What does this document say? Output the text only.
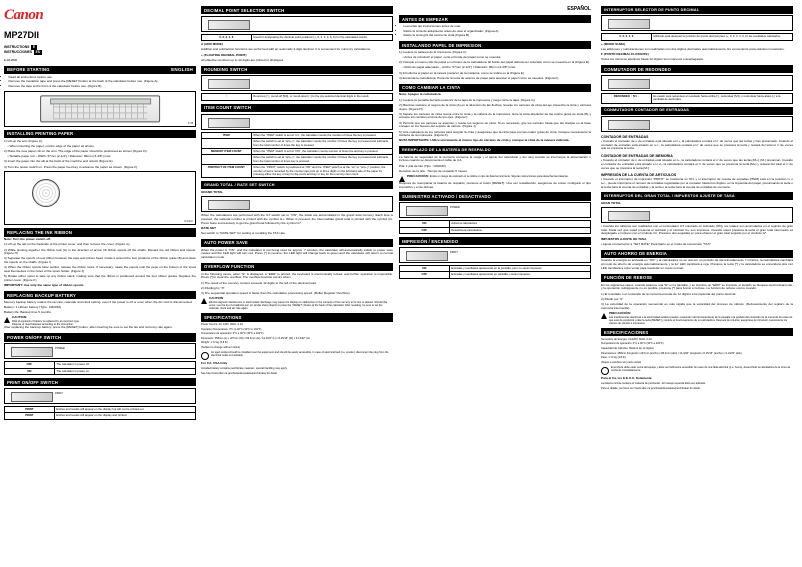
Canon
MP27DII
INSTRUCTIONS E
INSTRUCCIONES ES
E-IM-2830
BEFORE STARTING	ENGLISH
• Read all instructions before use.
• Remove the insulation tape and press the [RESET] button at the back of the calculator before use. (Figure A)
• Remove the tape at the front of the calculator before use. (Figure B)
A / B
INSTALLING PRINTING PAPER

1) Lift up the arm (Figure C).

• When inserting the paper, cut the edge of the paper as shown.

2) Place the new paper roll on the arm. The edge of the paper should be positioned as shown (Figure D).

• Suitable paper roll – Width: 57mm (2-1/4") / Diameter: 86mm (3-3/8") max.

3) Insert the paper into the slit at the back of the machine and unlock (Figure E).

4) Turn the power switch on. Press the paper feed key to advance the paper as shown. (Figure F)

C D E F
REPLACING THE INK RIBBON

Note: Turn the power switch off.

1) Lift up the tab on the backside of the printer cover, and then remove the cover. (Figure G)

2) While pivoting together the ribbon lock (A) in the direction of arrow, lift ribbon spools off the shafts. Discard the old ribbon and spools. (Figure H)

3) Separate the spools of new ribbon between the tape and printer head. Guide it around the four positions of the ribbon guide (B) and place the spools on the shafts. (Figure I)

4) When the ribbon spools have settled, release the ribbon locks. If necessary, rotate the spools until the pegs on the bottom of the spool seat themselves in the holes of the spool holder. (Figure J)

5) Rotate either spool to take up any ribbon slack, making sure that the ribbon is positioned around the four ribbon guides. Replace the printer cover. (Figure K)

IMPORTANT: Use only the same type of ribbon spools.

REPLACING BACKUP BATTERY

Memory backup battery retains the tax rate, calendar and clock setting, even if the power is off or even when the AC cord is disconnected.

Battery: 1 Lithium battery (Type: CR2032)

Battery life: Backup time 5 months

CAUTION:
Risk of explosion if battery is replaced by an incorrect type.
Dispose of used batteries according to the instruction.

After replacing the back-up battery, press the [RESET] button, after inserting be sure to set the tax and currency rate again.

POWER ON/OFF SWITCH
POWER
OFF	The calculator is power off.
ON	The calculator is power on.
PRINT ON/OFF SWITCH
PRINT
PRINT	Entries and results will appear on the display but will not be printed out.
PRINT	Entries and results will appear on the display and printed.
DECIMAL POINT SELECTOR SWITCH
0, 2, 3, 4, 6	Used for designating the decimal point positions (+, 0, 2, 3, 4, 6, F) for the calculated results.

A (ADD MODE)

Addition and subtraction functions are performed with an automatic 2-digit decimal. It is convenient for currency calculations.

+ (FLOATING DECIMAL POINT)

All effective numbers up to 12 digits are printed or displayed.

ROUNDING SWITCH
↑	Round-up [↑], round-off [5/4], or round-down [↓] to the pre-selected decimal digits in the result.
ITEM COUNT SWITCH
ITEM	When the "ITEM" switch is set at "on", the calculator counts the number of times the key is pressed.
	When the switch is set at "on(+-)", the calculator counts the number of times the key is pressed and subtracts from the total number of times the key is pressed.
MEMORY ITEM COUNT	When the "ITEM" switch is set at "ON", the calculator counts number of times the and key is pressed.
	When the switch is set at "on(+-)", the calculator counts the number of times the key is pressed and subtracts from the total number of times key is pressed.
PRINTOUT OF ITEM COUNT	When the "PRINT" switch is positioned at "ON" and the "ITEM" switch is at the "on" or "on(+-)" position, the number of items recorded by the counter can print up to three digits on the left-hand side of the paper by pressing either the key or key for the count and key or key for the memory item count.
GRAND TOTAL / RATE SET SWITCH

GRAND TOTAL

When the calculations are performed with the GT switch set to "ON", the totals are accumulated in the grand total memory. Each time is pressed, the subtotal number is printed with the symbol G+. When is pressed, the intermediate grand total is printed with the symbol G◊. Press twice successively to get the grand total followed by the symbol G*.

RATE SET

Set switch to "RATE SET" for setting or recalling the TAX rate.

AUTO POWER SAVE

When the power is "ON", and the calculator is not being used for approx. 7 minutes, the calculator will automatically switch to power save modes and the LED light will turn red. Press [*] to resume; the LED light will change back to green and the calculator will return to normal calculation mode.

OVERFLOW FUNCTION

In the following cases, when "E" is displayed, a "ERR" is printed, the keyboard is electronically locked, and further operation is impossible. Press [*] to clear the overflow. The overflow function occurs when:

1) The result of the memory content exceeds 12 digits to the left of the decimal point.

2) Dividing by "0".

3) The sequential operation speed is faster than the calculation processing speed. (Buffer Register Overflow)

CAUTION
Electromagnetic interference or electrostatic discharge may cause the display to malfunction or the contents of the memory to be lost or altered. Should this occur, use the tip of a ballpoint pen (or similar sharp object) to press the [ RESET ] button at the back of the calculator. After resetting, be sure to set the calendar, clock and tax rate again.
SPECIFICATIONS

Power Source: AC 120V, 60Hz, 0.2A

Operation Temperature: 0°C to 40°C (32°F to 104°F)

Temperature de operación: 0°C a 40°C (32°F a 104°F)

Dimension: 358mm (L) x 227mm (W) x 86.4mm (H) / 14-3/32" (L) x 8-15/16" (W) x 3-13/32" (H)

Weight: 1.72 kg (3.8 lb)

(Subject to change without notice)

An eject socket should be installed near the equipment and should be easily accessible. In case of electrical fault (i.e. smoke), disconnect the plug from the electrical outlet immediately.

For CA, USA Only

Included battery contains perchlorate material - special handling may apply.

See http://www.dtsc.ca.gov/hazardouswaste/perchlorate/ for detail.

ESPAÑOL
ANTES DE EMPEZAR
• Lea todas las instrucciones antes de usar.
• Retire la cinta de aislamiento antes de usar el organizador. (Figura A)
• Retire la cinta gris del centro de cinta (Figura B)
INSTALANDO PAPEL DE IMPRESION

1) Levante la palanca de la impresora. (Figura C)

• Antes de introducir el papel, corte el borde del papel como se muestra.

2) Coloque el nuevo rollo de papel en el brazo de la calculadora. El borde del papel deberá ser colocado como se muestra en la (Figura D).

• Rollo de papel adecuado – Ancho: 57mm (2-1/4") / Diámetro: 86mm (3-3/8") máx.

3) Introduzca el papel en la ranura posterior de la máquina, como se indica en la (Figura E).

4) Encienda la calculadora. Presione la tecla de avance de papel para avanzar el papel como se muestra. (Figura F)

COMO CAMBIAR LA CINTA

Nota: Apague la calculadora.

1) Levante la pestaña del lado posterior de la tapa de la impresora y luego retire la tapa. (Figura G)

2) Mientras sostiene el seguro de la cinta (A) en la dirección de las flechas, levante los carretes de cinta del eje. Deseche la cinta y carretes viejos. (Figura H)

3) Separe los carretes de cinta nueva entre la cinta y la cabeza de la impresora. Guíe la cinta alrededor de las cuatro guías de cinta (B) y coloque los carretes encima de los ejes. (Figura I)

4) Permita que los carretes se asienten y suelte los seguros de cinta. Si es necesario, gire los carretes hasta que las clavijas en la base encajen en los huecos del soporte de carrete. (Figura J)

5) Gire cualquiera de los carretes para templar la cinta y asegúrese que la cinta pase por las cuatro guías de cinta. Coloque nuevamente la cubierta de la impresora. (Figura K)

NOTA IMPORTANTE: Utilice unicamente el mismo tipo de carretes de cinta y coloque la cinta de la manera indicada.

REEMPLAZO DE LA BATERÍA DE RESPALDO

La batería de seguridad de la memoria conserva la carga y el ajuste del calendario y del reloj cuando se interrumpe la alimentación o incluso cuando se desconecta el cable de CA.

Pila: 1 pila de litio (Tipo : CR2032)

Duración de la pila : Tiempo de respaldo 5 meses

PRECAUCIÓN: Existe un riesgo de explosión si se utiliza un tipo de batería incorrecto. Siga las instrucciones para desechar las baterías.

Después de reemplazar la batería de respaldo, presione el botón [RESET]. Una vez restablecido, asegúrese de volver configurar el tipo impositivo y el de divisas.

SUMINISTRO ACTIVADO / DESACTIVADO
POWER
ON	Activa la calculadora
OFF	Desactiva la calculadora.
IMPRESIÓN / ENCENDIDO
PRINT
ON	Entradas y resultados aparecerán en la pantalla, pero no serán impresos.
OFF	Entradas y resultados aparecerán en pantalla y serán impresos.
INTERRUPTOR SELECTOR DE PUNTO DECIMAL
0, 2, 3, 4, 6	Utilizado para designar la posición del punto decimal para (+, 0, 2, 3, 4, 6, F) las resultados calculados.

+ (MODO SUMA)

Las adiciones y substracciones son realizadas con dos dígitos decimales automáticamente. Es conveniente para cálculos monetarios.

F (PUNTO DECIMAL FLOTANTE)

Todos los números efectivos hasta 12 dígitos son impresos o desplegados.

CONMUTADOR DE REDONDEO
REDONDEO ↑ 5/4 ↓	Es usado para redondear el resultado hacia arriba [↑], redondear [5/4], ó redondear hacia abajo [↓] a la cantidad de decimales.
CONMUTADOR CONTADOR DE ENTRADAS
CONTADOR DE ENTRADAS

• Cuando el contador de o de entradas está situado en l+, la calculadora contará el n' de veces que las teclas y han presionado. Cuando el contador de entradas está situado en l+/–, la calculadora contará el n' de veces que se presiona la tecla y restará del total el n' de veces que se presiona la tecla .

CONTADOR DE ENTRADAS DE MEMORIA

• Cuando el contador de n de entradas está situado en l+, la calculadora contará el n' de veces que las teclas [M+], [M-] presionan. Cuando el contador de entradas está situado en l+/– la calculadora contará el n' de veces que se presiona la tecla [M+] y restará del total el n' de veces que se presiona la tecla [M-].

IMPRESIÓN DE LA CUENTA DE ARTICULOS

• Cuando el interruptor de impresión "PRINT" se posiciona en ON, y el interruptor de cuenta de entradas [ITEM] está en la posición l+ o l+/–, puede imprimirse el número de entradas registradas por el contador hasta tres dígitos, en la izquierda del papel, presionando la tecla o la tecla para la cuenta de entradas y la tecla o la tecla para la cuenta de entradas de memoria.

INTERRUPTOR DEL GRAN TOTAL / IMPUESTOS AJUSTE DE TASA

GRAN TOTAL

• Cuando los cálculos son realizados con el conmutador GT colocado en Activado (ON), los totales son acumulados en el registro de gran total. Cada vez que usted presiona el subtotal y el símbolo G+ son impresos. Cuando usted presiona la tecla el gran total intermedio es desplegado e impreso con el símbolo G◊. Presione dos seguidas en para obtener el gran total seguido por el símbolo G*.

IMPUESTOS AJUSTE DE TASA

• Ajuste el interruptor a "SET RATE" Para fijarlo en el modo de conversión "TAX"

AUTO AHORRO DE ENERGIA

Cuando la energía es activada en "ON" y la calculadora no se usa por un periodo de aproximadamente 7 minutos, la calculadora cambiará al modo de ahorro de energía automáticamente y la luz LED cambiará a roja. Presione la tecla [*] y la calculadora se encenderá otra vez LED cambiará a color verde para reanudar en modo normal.

FUNCIÓN DE REBOSE

En los siguientes casos, cuando aparece una "E" en la pantalla, y se imprime un "ERR" se impresa, el teclado se bloquea electrónicamente, y la operación subsiguiente no es posible, presione [*] para borrar el rebose. La función de rebose ocurre cuando:

1) El resultado o el contenido de la memoria excede de 12 dígitos a la izquierda del punto decimal.

2) Dividir por "0"

3) La velocidad de la operación secuencial es más rápida que la velocidad del proceso de cálculo. (Rebosamiento del registro de la memoria intermedia)

PRECAUCIÓN:
Las interferencias eléctricas o la electricidad estática pueden ocasionar mal funcionamiento de la pantalla o la perdida del contenido de la memoria. En caso de que esto de producirá, pulse la tecla [RESET] y reinicie el funcionamiento de su calculadora. Después de reiniciar, asegúrese de introducir nuevamente los valores de cambio e impuestos.
ESPECIFICACIONES

Suministro de Energía: CA120V, 60Hz, 0.2A

Temperatura de operación: 0°C a 40°C (32°F a 104°F)

Capacidad de Cálculos: Máximo de 12 dígitos

Dimensiones: 358mm (longitud) x 227mm (ancho) x 86.4mm (alto) / 14-3/32" (longitud) x 8-15/16" (ancho) x 3-13/32" (alto)

Peso: 1.72 kg (3.8 lb)

(Sujeto a cambios sin previo aviso)

El enchufe debe estar cerca del equipo y debe ser fácilmente accesible. En caso de una falla eléctrica (p.e. humo), desenchufe la calculadora de la toma de corriente inmediatamente.

Para el Ca, los E.E.U.U. Solamente

La batería incluía contiene el material de perclorato - El manejo especial debe ser aplicado.

Para el detalle, por favor ver //www.dtsc.ca.gov/hazardouswaste/perchlorate/ for detail.
